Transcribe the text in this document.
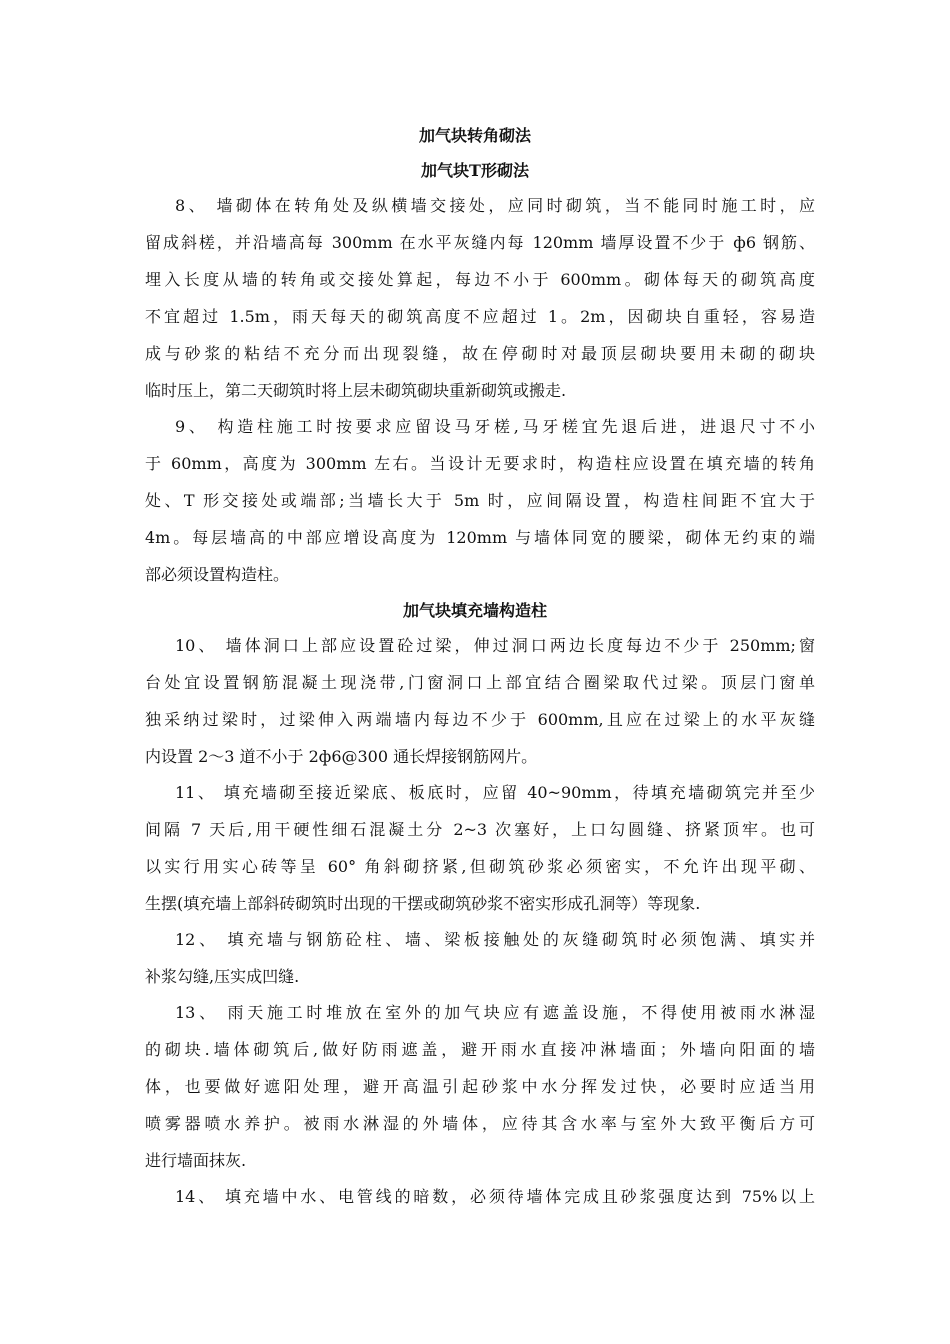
加气块转角砌法
加气块T形砌法
8、 墙砌体在转角处及纵横墙交接处，应同时砌筑，当不能同时施工时，应
留成斜槎，并沿墙高每 300mm 在水平灰缝内每 120mm 墙厚设置不少于 ф6 钢筋、
埋入长度从墙的转角或交接处算起，每边不小于 600mm。砌体每天的砌筑高度
不宜超过 1.5m，雨天每天的砌筑高度不应超过 1。2m，因砌块自重轻，容易造
成与砂浆的粘结不充分而出现裂缝，故在停砌时对最顶层砌块要用未砌的砌块
临时压上，第二天砌筑时将上层未砌筑砌块重新砌筑或搬走.
9、 构造柱施工时按要求应留设马牙槎,马牙槎宜先退后进，进退尺寸不小
于 60mm，高度为 300mm 左右。当设计无要求时，构造柱应设置在填充墙的转角
处、T 形交接处或端部;当墙长大于 5m 时，应间隔设置，构造柱间距不宜大于
4m。每层墙高的中部应增设高度为 120mm 与墙体同宽的腰梁，砌体无约束的端
部必须设置构造柱。
加气块填充墙构造柱
10、 墙体洞口上部应设置砼过梁，伸过洞口两边长度每边不少于 250mm;窗
台处宜设置钢筋混凝土现浇带,门窗洞口上部宜结合圈梁取代过梁。顶层门窗单
独采纳过梁时，过梁伸入两端墙内每边不少于 600mm,且应在过梁上的水平灰缝
内设置 2～3 道不小于 2ф6@300 通长焊接钢筋网片。
11、 填充墙砌至接近梁底、板底时，应留 40~90mm，待填充墙砌筑完并至少
间隔 7 天后,用干硬性细石混凝土分 2~3 次塞好，上口勾圆缝、挤紧顶牢。也可
以实行用实心砖等呈 60° 角斜砌挤紧,但砌筑砂浆必须密实，不允许出现平砌、
生摆(填充墙上部斜砖砌筑时出现的干摆或砌筑砂浆不密实形成孔洞等）等现象.
12、 填充墙与钢筋砼柱、墙、梁板接触处的灰缝砌筑时必须饱满、填实并
补浆勾缝,压实成凹缝.
13、 雨天施工时堆放在室外的加气块应有遮盖设施，不得使用被雨水淋湿
的砌块.墙体砌筑后,做好防雨遮盖，避开雨水直接冲淋墙面；外墙向阳面的墙
体，也要做好遮阳处理，避开高温引起砂浆中水分挥发过快，必要时应适当用
喷雾器喷水养护。被雨水淋湿的外墙体，应待其含水率与室外大致平衡后方可
进行墙面抹灰.
14、 填充墙中水、电管线的暗数，必须待墙体完成且砂浆强度达到 75%以上
